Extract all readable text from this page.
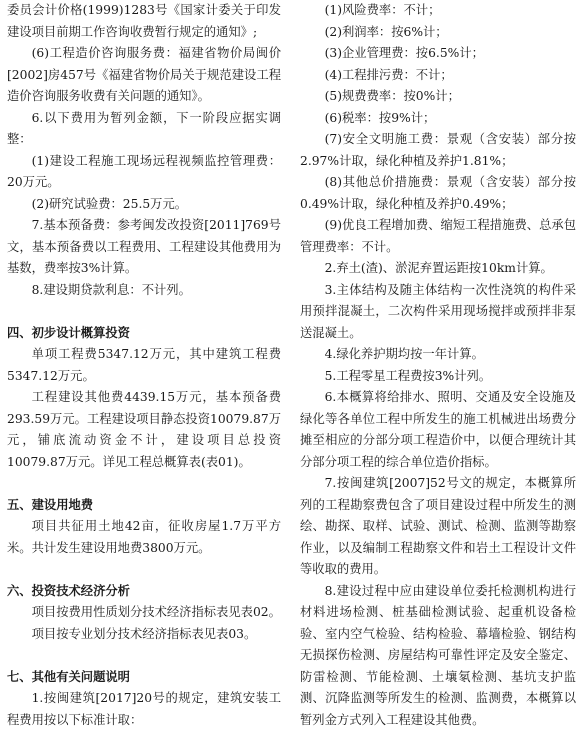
委员会计价格(1999)1283号《国家计委关于印发建设项目前期工作咨询收费暂行规定的通知》;

(6)工程造价咨询服务费：福建省物价局闽价[2002]房457号《福建省物价局关于规范建设工程造价咨询服务收费有关问题的通知》。

6.以下费用为暂列金额，下一阶段应据实调整：

(1)建设工程施工现场远程视频监控管理费：20万元。

(2)研究试验费：25.5万元。

7.基本预备费：参考闽发改投资[2011]769号文，基本预备费以工程费用、工程建设其他费用为基数，费率按3%计算。

8.建设期贷款利息：不计列。

四、初步设计概算投资

单项工程费5347.12万元，其中建筑工程费5347.12万元。

工程建设其他费4439.15万元，基本预备费293.59万元。工程建设项目静态投资10079.87万元，铺底流动资金不计，建设项目总投资10079.87万元。详见工程总概算表(表01)。

五、建设用地费

项目共征用土地42亩，征收房屋1.7万平方米。共计发生建设用地费3800万元。

六、投资技术经济分析

项目按费用性质划分技术经济指标表见表02。

项目按专业划分技术经济指标表见表03。

七、其他有关问题说明

1.按闽建筑[2017]20号的规定，建筑安装工程费用按以下标准计取：

(1)风险费率：不计；

(2)利润率：按6%计；

(3)企业管理费：按6.5%计；

(4)工程排污费：不计；

(5)规费费率：按0%计；

(6)税率：按9%计；

(7)安全文明施工费：景观（含安装）部分按2.97%计取，绿化种植及养护1.81%；

(8)其他总价措施费：景观（含安装）部分按0.49%计取，绿化种植及养护0.49%；

(9)优良工程增加费、缩短工程措施费、总承包管理费率：不计。

2.弃土(渣)、淤泥弃置运距按10km计算。

3.主体结构及随主体结构一次性浇筑的构件采用预拌混凝土，二次构件采用现场搅拌或预拌非泵送混凝土。

4.绿化养护期均按一年计算。

5.工程零星工程费按3%计列。

6.本概算将给排水、照明、交通及安全设施及绿化等各单位工程中所发生的施工机械进出场费分摊至相应的分部分项工程造价中，以便合理统计其分部分项工程的综合单位造价指标。

7.按闽建筑[2007]52号文的规定，本概算所列的工程勘察费包含了项目建设过程中所发生的测绘、勘探、取样、试验、测试、检测、监测等勘察作业，以及编制工程勘察文件和岩土工程设计文件等收取的费用。

8.建设过程中应由建设单位委托检测机构进行材料进场检测、桩基础检测试验、起重机设备检验、室内空气检验、结构检验、幕墙检验、钢结构无损探伤检测、房屋结构可靠性评定及安全鉴定、防雷检测、节能检测、土壤氡检测、基坑支护监测、沉降监测等所发生的检测、监测费，本概算以暂列金方式列入工程建设其他费。
